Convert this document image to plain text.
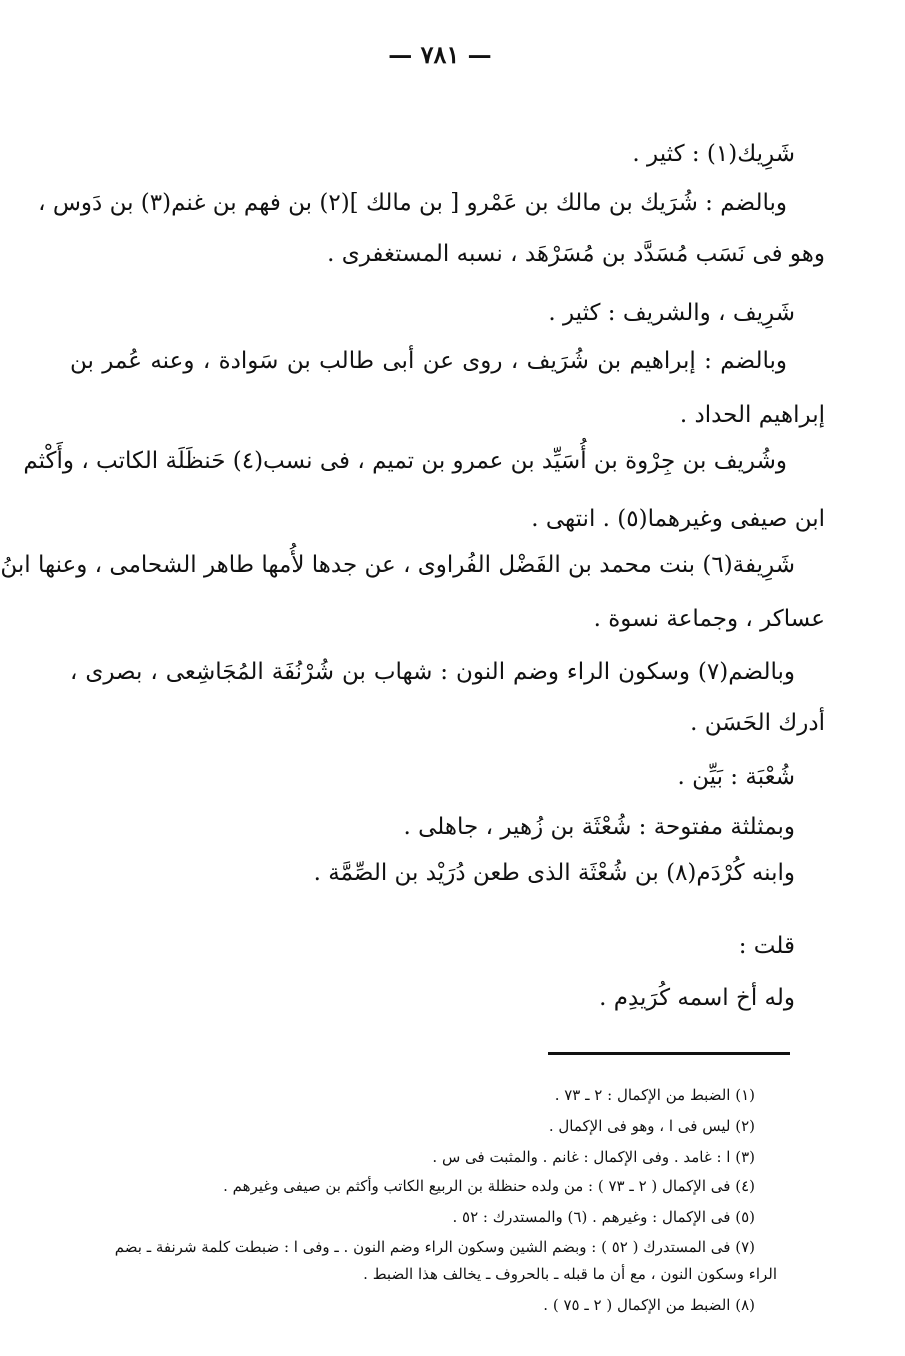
— ٧٨١ —
شَرِيك(١) : كثير .
وبالضم : شُرَيك بن مالك بن عَمْرو [ بن مالك ](٢) بن فهم بن غنم(٣) بن دَوس ،
وهو فى نَسَب مُسَدَّد بن مُسَرْهَد ، نسبه المستغفرى .
شَرِيف ، والشريف : كثير .
وبالضم : إبراهيم بن شُرَيف ، روى عن أبى طالب بن سَوادة ، وعنه عُمر بن
إبراهيم الحداد .
وشُريف بن جِرْوة بن أُسَيِّد بن عمرو بن تميم ، فى نسب(٤) حَنظَلَة الكاتب ، وأَكْثم
ابن صيفى وغيرهما(٥) . انتهى .
شَرِيفة(٦) بنت محمد بن الفَضْل الفُراوى ، عن جدها لأُمها طاهر الشحامى ، وعنها ابنُ
عساكر ، وجماعة نسوة .
وبالضم(٧) وسكون الراء وضم النون : شهاب بن شُرْنُفَة المُجَاشِعى ، بصرى ،
أدرك الحَسَن .
شُعْبَة : بَيِّن .
وبمثلثة مفتوحة : شُعْثَة بن زُهير ، جاهلى .
وابنه كُرْدَم(٨) بن شُعْثَة الذى طعن دُرَيْد بن الصِّمَّة .
قلت :
وله أخ اسمه كُرَيدِم .
(١) الضبط من الإكمال : ٢ ـ ٧٣ .
(٢) ليس فى ا ، وهو فى الإكمال .
(٣) ا : غامد . وفى الإكمال : غانم . والمثبت فى س .
(٤) فى الإكمال ( ٢ ـ ٧٣ ) : من ولده حنظلة بن الربيع الكاتب وأكثم بن صيفى وغيرهم .
(٥) فى الإكمال : وغيرهم . (٦) والمستدرك : ٥٢ .
(٧) فى المستدرك ( ٥٢ ) : وبضم الشين وسكون الراء وضم النون . ـ وفى ا : ضبطت كلمة شرنفة ـ بضم
الراء وسكون النون ، مع أن ما قبله ـ بالحروف ـ يخالف هذا الضبط .
(٨) الضبط من الإكمال ( ٢ ـ ٧٥ ) .
